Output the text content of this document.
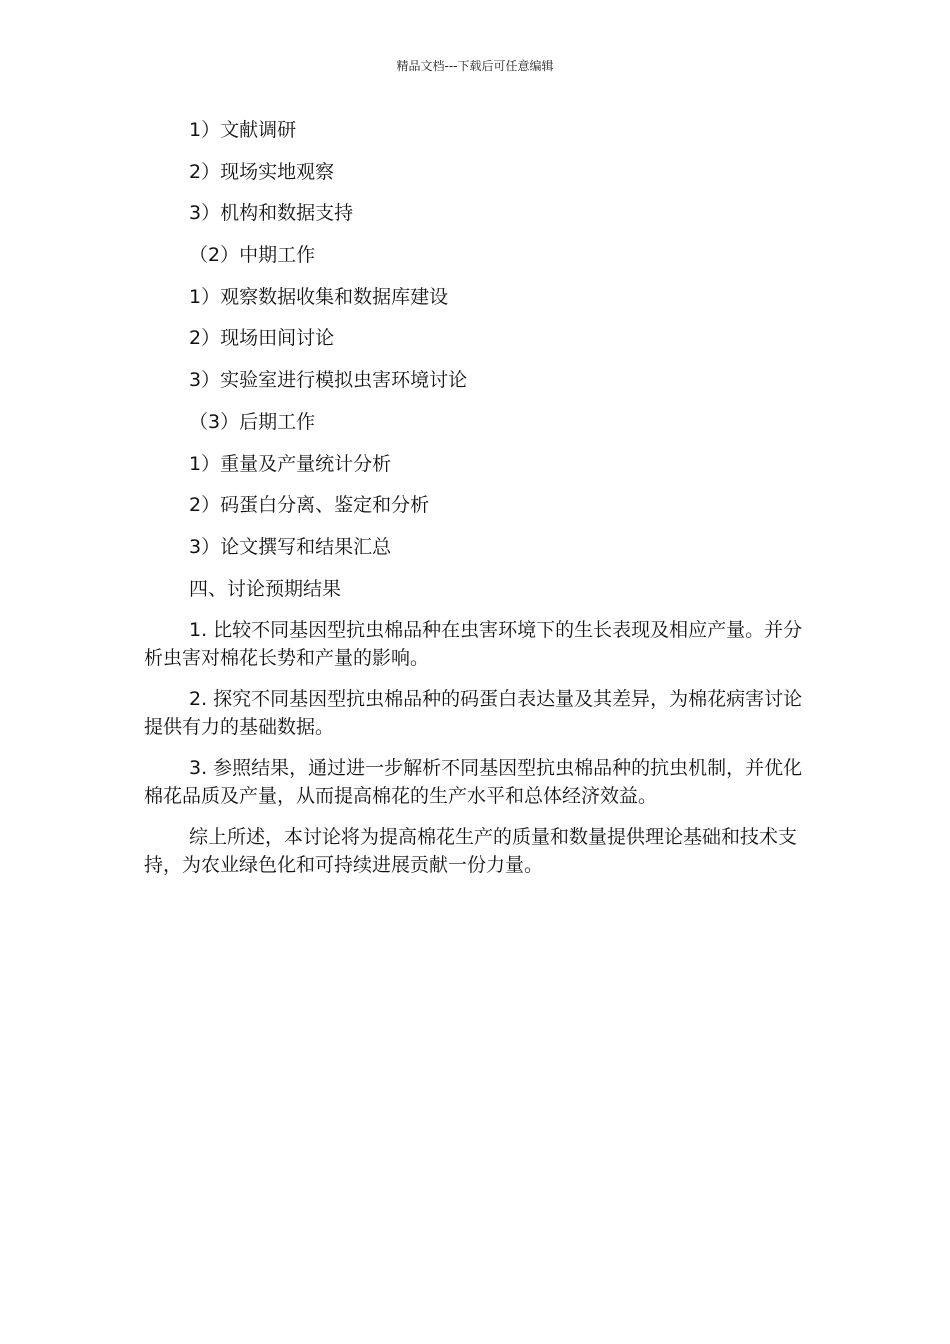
精品文档---下载后可任意编辑

1）文献调研

2）现场实地观察

3）机构和数据支持

（2）中期工作

1）观察数据收集和数据库建设

2）现场田间讨论

3）实验室进行模拟虫害环境讨论

（3）后期工作

1）重量及产量统计分析

2）码蛋白分离、鉴定和分析

3）论文撰写和结果汇总

四、讨论预期结果

1. 比较不同基因型抗虫棉品种在虫害环境下的生长表现及相应产量。并分析虫害对棉花长势和产量的影响。

2. 探究不同基因型抗虫棉品种的码蛋白表达量及其差异，为棉花病害讨论提供有力的基础数据。

3. 参照结果，通过进一步解析不同基因型抗虫棉品种的抗虫机制，并优化棉花品质及产量，从而提高棉花的生产水平和总体经济效益。

综上所述，本讨论将为提高棉花生产的质量和数量提供理论基础和技术支持，为农业绿色化和可持续进展贡献一份力量。
